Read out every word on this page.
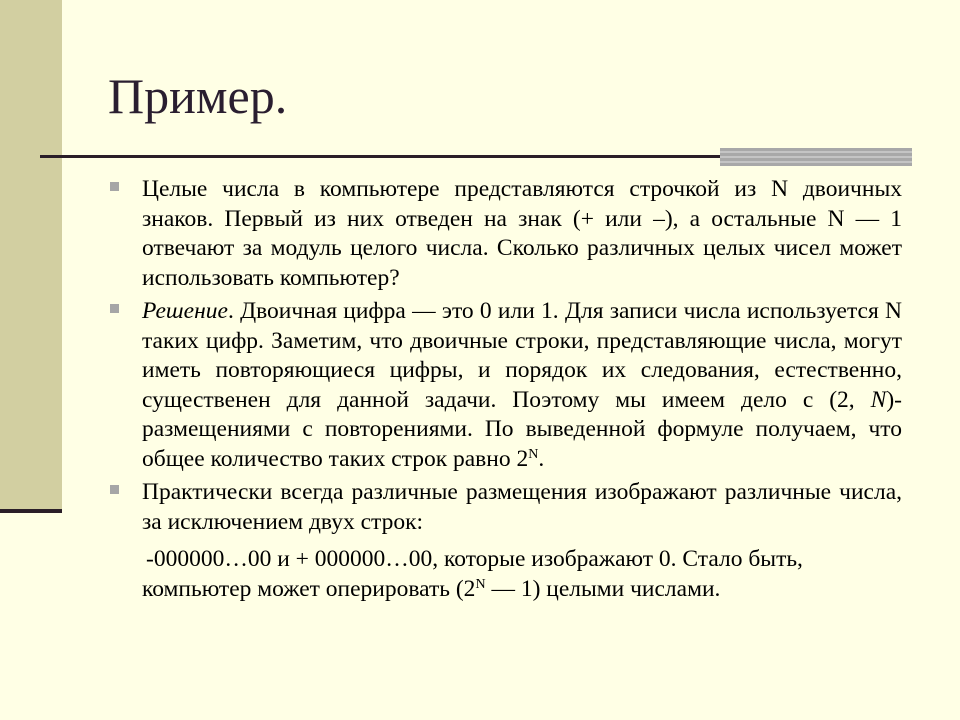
Пример.
Целые числа в компьютере представляются строчкой из N двоичных знаков. Первый из них отведен на знак (+ или –), а остальные N — 1 отвечают за модуль целого числа. Сколько различных целых чисел может использовать компьютер?
Решение. Двоичная цифра — это 0 или 1. Для записи числа используется N таких цифр. Заметим, что двоичные строки, представляющие числа, могут иметь повторяющиеся цифры, и порядок их следования, естественно, существенен для данной задачи. Поэтому мы имеем дело с (2, N)-размещениями с повторениями. По выведенной формуле получаем, что общее количество таких строк равно $2^N$.
Практически всегда различные размещения изображают различные числа, за исключением двух строк:
-000000…00 и + 000000…00, которые изображают 0. Стало быть, компьютер может оперировать ($2^N$ — 1) целыми числами.
